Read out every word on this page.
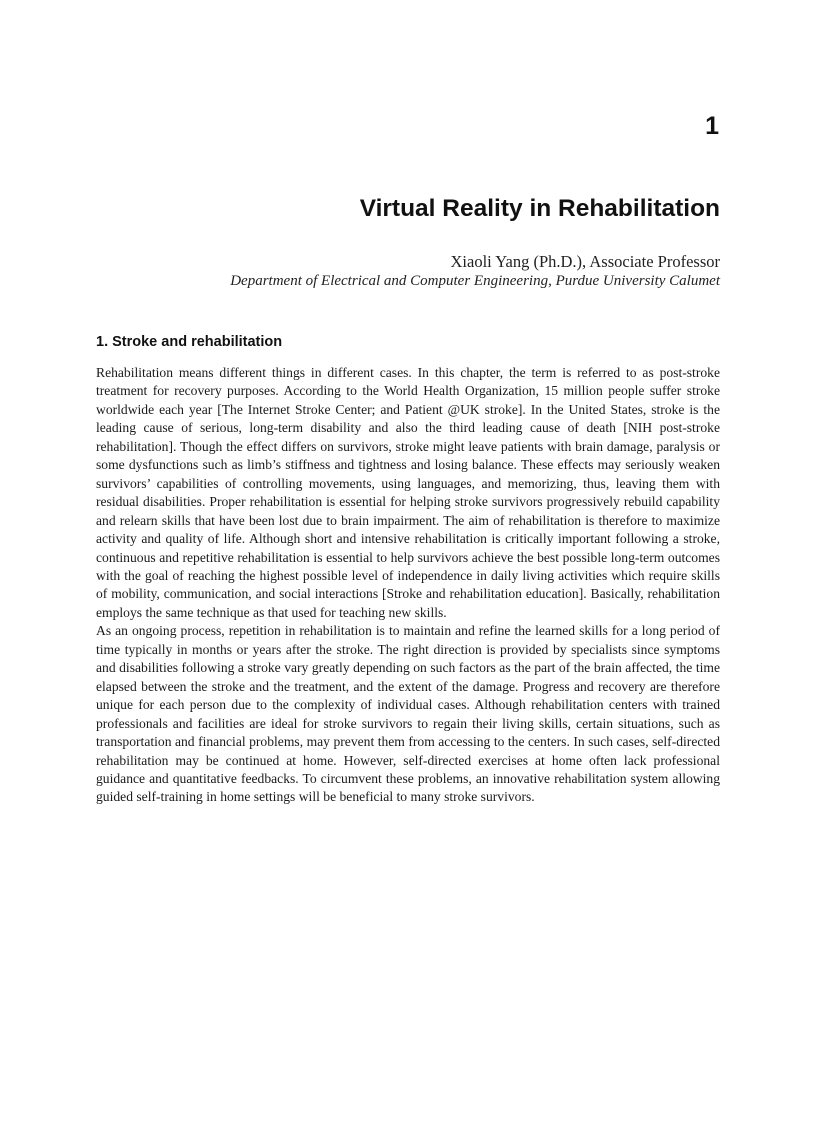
1
Virtual Reality in Rehabilitation
Xiaoli Yang (Ph.D.), Associate Professor
Department of Electrical and Computer Engineering, Purdue University Calumet
1. Stroke and rehabilitation

Rehabilitation means different things in different cases. In this chapter, the term is referred to as post-stroke treatment for recovery purposes. According to the World Health Organization, 15 million people suffer stroke worldwide each year [The Internet Stroke Center; and Patient @UK stroke]. In the United States, stroke is the leading cause of serious, long-term disability and also the third leading cause of death [NIH post-stroke rehabilitation]. Though the effect differs on survivors, stroke might leave patients with brain damage, paralysis or some dysfunctions such as limb’s stiffness and tightness and losing balance. These effects may seriously weaken survivors’ capabilities of controlling movements, using languages, and memorizing, thus, leaving them with residual disabilities. Proper rehabilitation is essential for helping stroke survivors progressively rebuild capability and relearn skills that have been lost due to brain impairment. The aim of rehabilitation is therefore to maximize activity and quality of life. Although short and intensive rehabilitation is critically important following a stroke, continuous and repetitive rehabilitation is essential to help survivors achieve the best possible long-term outcomes with the goal of reaching the highest possible level of independence in daily living activities which require skills of mobility, communication, and social interactions [Stroke and rehabilitation education]. Basically, rehabilitation employs the same technique as that used for teaching new skills.

As an ongoing process, repetition in rehabilitation is to maintain and refine the learned skills for a long period of time typically in months or years after the stroke. The right direction is provided by specialists since symptoms and disabilities following a stroke vary greatly depending on such factors as the part of the brain affected, the time elapsed between the stroke and the treatment, and the extent of the damage. Progress and recovery are therefore unique for each person due to the complexity of individual cases. Although rehabilitation centers with trained professionals and facilities are ideal for stroke survivors to regain their living skills, certain situations, such as transportation and financial problems, may prevent them from accessing to the centers. In such cases, self-directed rehabilitation may be continued at home. However, self-directed exercises at home often lack professional guidance and quantitative feedbacks. To circumvent these problems, an innovative rehabilitation system allowing guided self-training in home settings will be beneficial to many stroke survivors.
